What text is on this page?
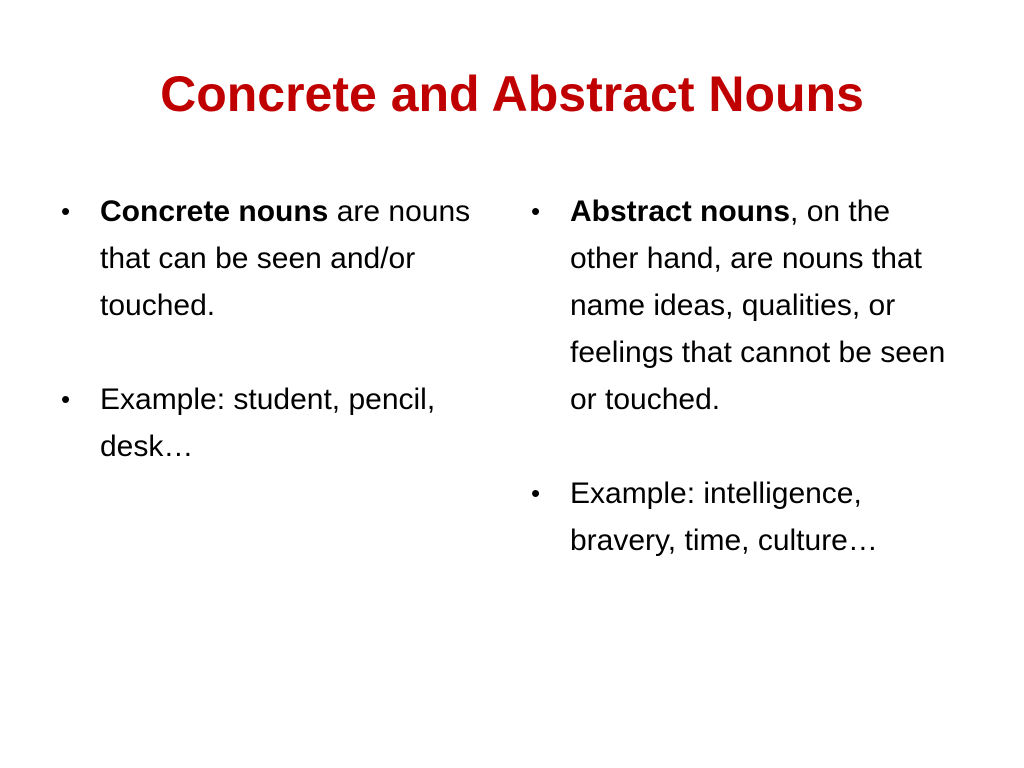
Concrete and Abstract Nouns
• Concrete nouns are nouns that can be seen and/or touched.
• Example: student, pencil, desk…
• Abstract nouns, on the other hand, are nouns that name ideas, qualities, or feelings that cannot be seen or touched.
• Example: intelligence, bravery, time, culture…
